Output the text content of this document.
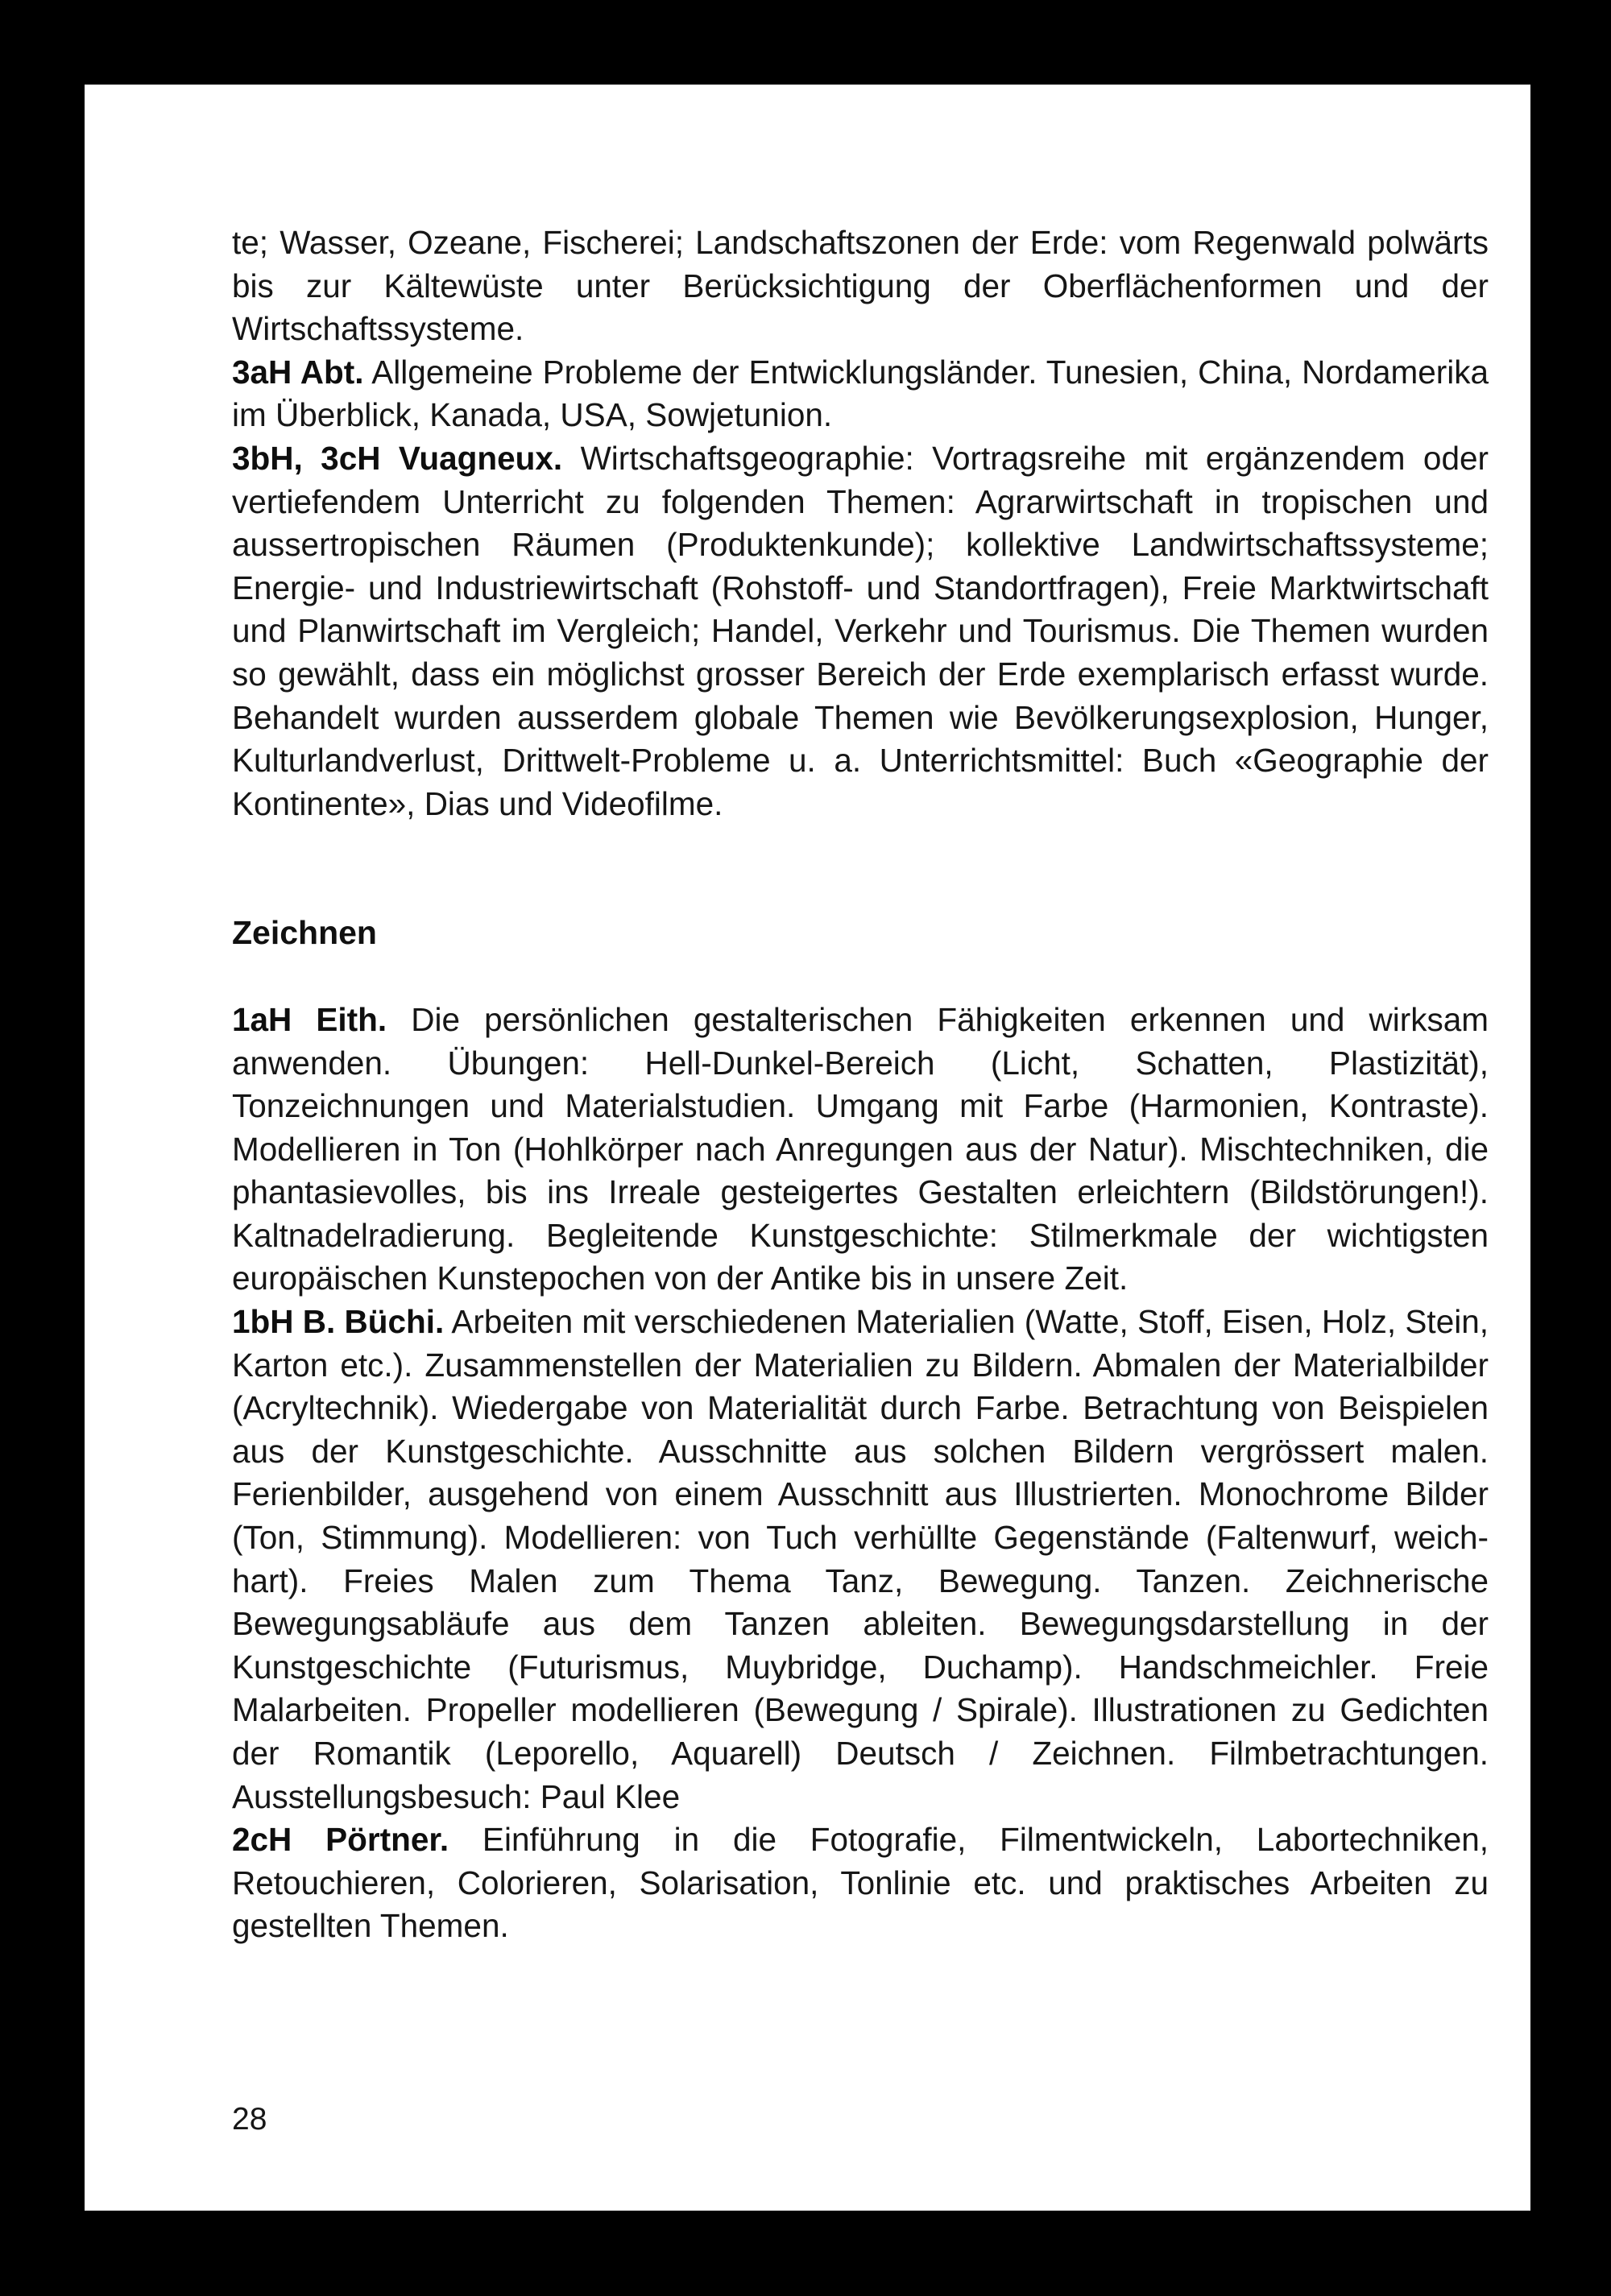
te; Wasser, Ozeane, Fischerei; Landschaftszonen der Erde: vom Regenwald polwärts bis zur Kältewüste unter Berücksichtigung der Oberflächenformen und der Wirtschaftssysteme.

3aH Abt. Allgemeine Probleme der Entwicklungsländer. Tunesien, China, Nordamerika im Überblick, Kanada, USA, Sowjetunion.

3bH, 3cH Vuagneux. Wirtschaftsgeographie: Vortragsreihe mit ergänzendem oder vertiefendem Unterricht zu folgenden Themen: Agrarwirtschaft in tropischen und aussertropischen Räumen (Produktenkunde); kollektive Landwirtschaftssysteme; Energie- und Industriewirtschaft (Rohstoff- und Standortfragen), Freie Marktwirtschaft und Planwirtschaft im Vergleich; Handel, Verkehr und Tourismus. Die Themen wurden so gewählt, dass ein möglichst grosser Bereich der Erde exemplarisch erfasst wurde. Behandelt wurden ausserdem globale Themen wie Bevölkerungsexplosion, Hunger, Kulturlandverlust, Drittwelt-Probleme u. a. Unterrichtsmittel: Buch «Geographie der Kontinente», Dias und Videofilme.

Zeichnen

1aH Eith. Die persönlichen gestalterischen Fähigkeiten erkennen und wirksam anwenden. Übungen: Hell-Dunkel-Bereich (Licht, Schatten, Plastizität), Tonzeichnungen und Materialstudien. Umgang mit Farbe (Harmonien, Kontraste). Modellieren in Ton (Hohlkörper nach Anregungen aus der Natur). Mischtechniken, die phantasievolles, bis ins Irreale gesteigertes Gestalten erleichtern (Bildstörungen!). Kaltnadelradierung. Begleitende Kunstgeschichte: Stilmerkmale der wichtigsten europäischen Kunstepochen von der Antike bis in unsere Zeit.

1bH B. Büchi. Arbeiten mit verschiedenen Materialien (Watte, Stoff, Eisen, Holz, Stein, Karton etc.). Zusammenstellen der Materialien zu Bildern. Abmalen der Materialbilder (Acryltechnik). Wiedergabe von Materialität durch Farbe. Betrachtung von Beispielen aus der Kunstgeschichte. Ausschnitte aus solchen Bildern vergrössert malen. Ferienbilder, ausgehend von einem Ausschnitt aus Illustrierten. Monochrome Bilder (Ton, Stimmung). Modellieren: von Tuch verhüllte Gegenstände (Faltenwurf, weich-hart). Freies Malen zum Thema Tanz, Bewegung. Tanzen. Zeichnerische Bewegungsabläufe aus dem Tanzen ableiten. Bewegungsdarstellung in der Kunstgeschichte (Futurismus, Muybridge, Duchamp). Handschmeichler. Freie Malarbeiten. Propeller modellieren (Bewegung / Spirale). Illustrationen zu Gedichten der Romantik (Leporello, Aquarell) Deutsch / Zeichnen. Filmbetrachtungen. Ausstellungsbesuch: Paul Klee

2cH Pörtner. Einführung in die Fotografie, Filmentwickeln, Labortechniken, Retouchieren, Colorieren, Solarisation, Tonlinie etc. und praktisches Arbeiten zu gestellten Themen.

28
